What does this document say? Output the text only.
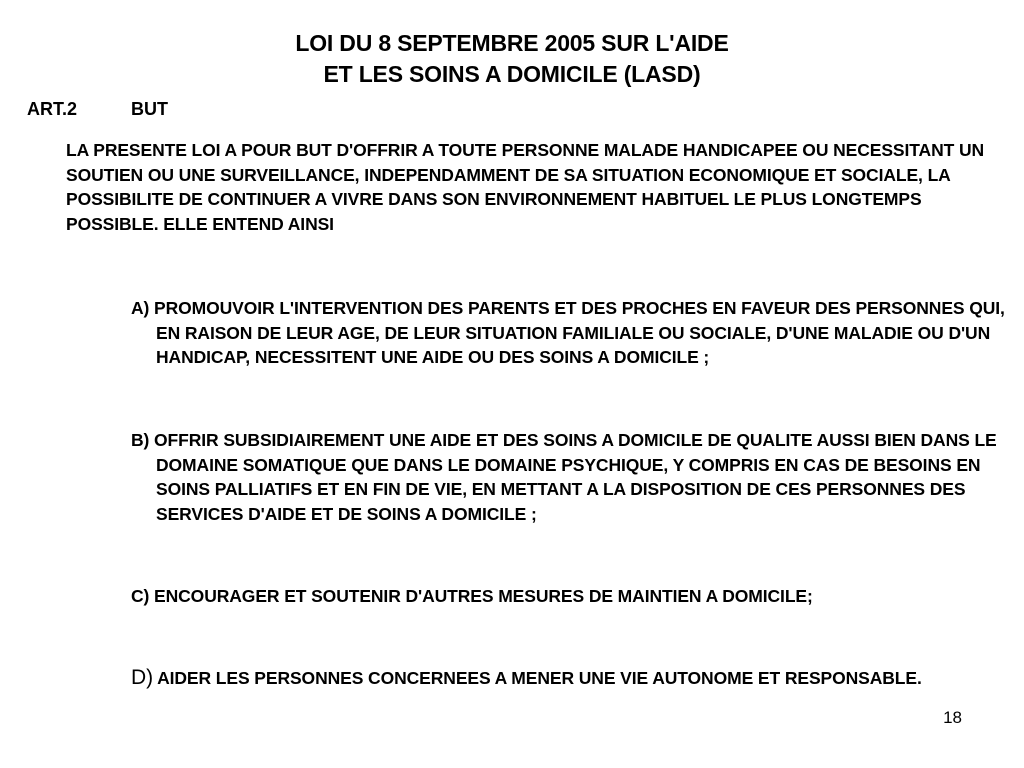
LOI DU 8 SEPTEMBRE 2005 SUR L'AIDE
ET LES SOINS A DOMICILE (LASD)
ART.2	BUT
LA PRESENTE LOI A POUR BUT D'OFFRIR A TOUTE PERSONNE MALADE HANDICAPEE OU NECESSITANT UN SOUTIEN OU UNE SURVEILLANCE, INDEPENDAMMENT DE SA SITUATION ECONOMIQUE ET SOCIALE, LA POSSIBILITE DE CONTINUER A VIVRE DANS SON ENVIRONNEMENT HABITUEL LE PLUS LONGTEMPS POSSIBLE. ELLE ENTEND AINSI
A) PROMOUVOIR L'INTERVENTION DES PARENTS ET DES PROCHES EN FAVEUR DES PERSONNES QUI, EN RAISON DE LEUR AGE, DE LEUR SITUATION FAMILIALE OU SOCIALE, D'UNE MALADIE OU D'UN HANDICAP, NECESSITENT UNE AIDE OU DES SOINS A DOMICILE ;
B) OFFRIR SUBSIDIAIREMENT UNE AIDE ET DES SOINS A DOMICILE DE QUALITE AUSSI BIEN DANS LE DOMAINE SOMATIQUE QUE DANS LE DOMAINE PSYCHIQUE, Y COMPRIS EN CAS DE BESOINS EN SOINS PALLIATIFS ET EN FIN DE VIE, EN METTANT A LA DISPOSITION DE CES PERSONNES DES SERVICES D'AIDE ET DE SOINS A DOMICILE ;
C) ENCOURAGER ET SOUTENIR D'AUTRES MESURES DE MAINTIEN A DOMICILE;
D) AIDER LES PERSONNES CONCERNEES A MENER UNE VIE AUTONOME ET RESPONSABLE.
18
